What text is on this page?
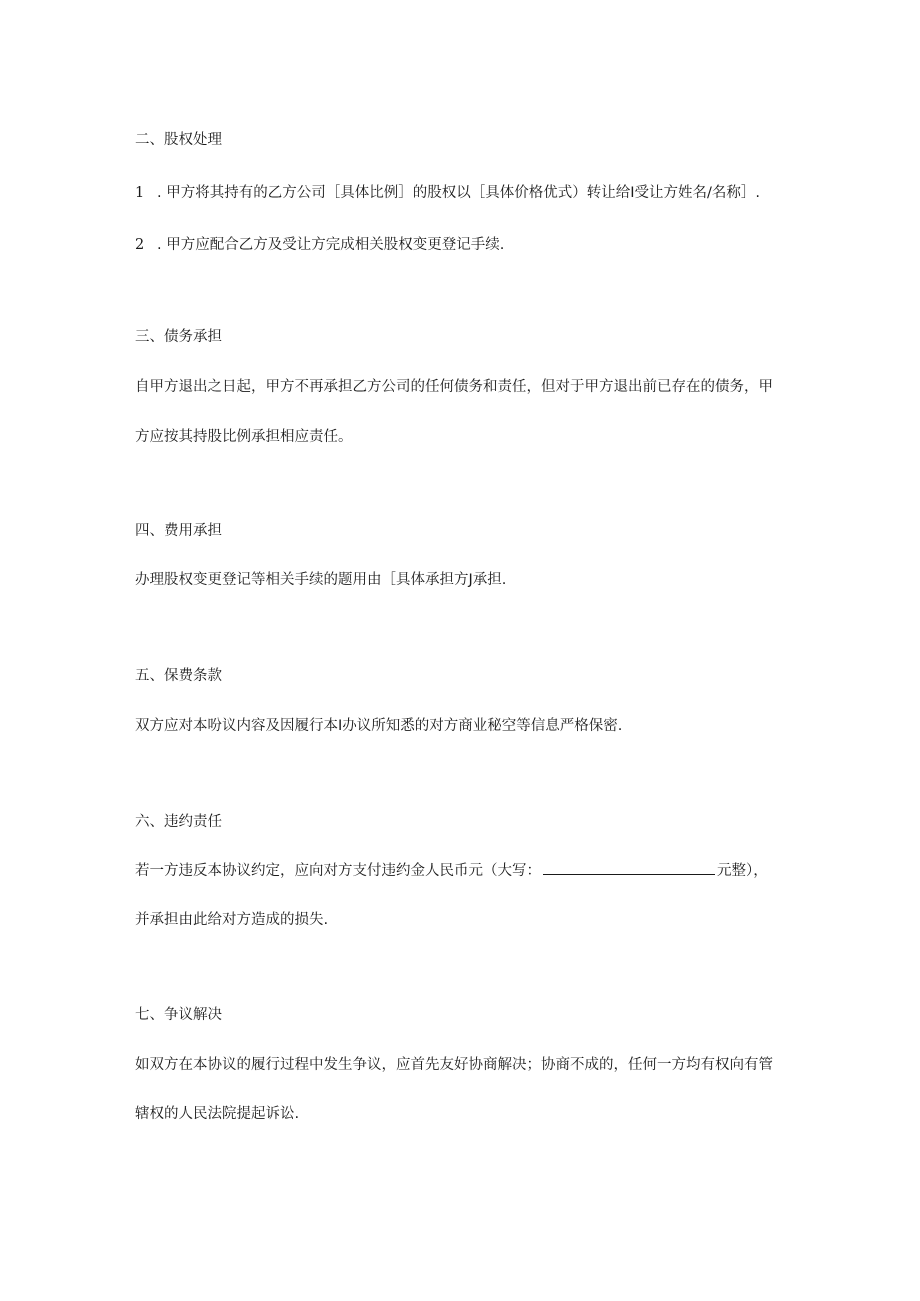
二、股权处理
1 . 甲方将其持有的乙方公司［具体比例］的股权以［具体价格优式）转让给I受让方姓名/名称］.
2 . 甲方应配合乙方及受让方完成相关股权变更登记手续.
三、债务承担
自甲方退出之日起，甲方不再承担乙方公司的任何债务和责任，但对于甲方退出前已存在的债务，甲
方应按其持股比例承担相应责任。
四、费用承担
办理股权变更登记等相关手续的题用由［具体承担方J承担.
五、保费条款
双方应对本吩议内容及因履行本I办议所知悉的对方商业秘空等信息严格保密.
六、违约责任
若一方违反本协议约定，应向对方支付违约金人民币元（大写：	元整），
并承担由此给对方造成的损失.
七、争议解决
如双方在本协议的履行过程中发生争议，应首先友好协商解决；协商不成的，任何一方均有权向有管
辖权的人民法院提起诉讼.
